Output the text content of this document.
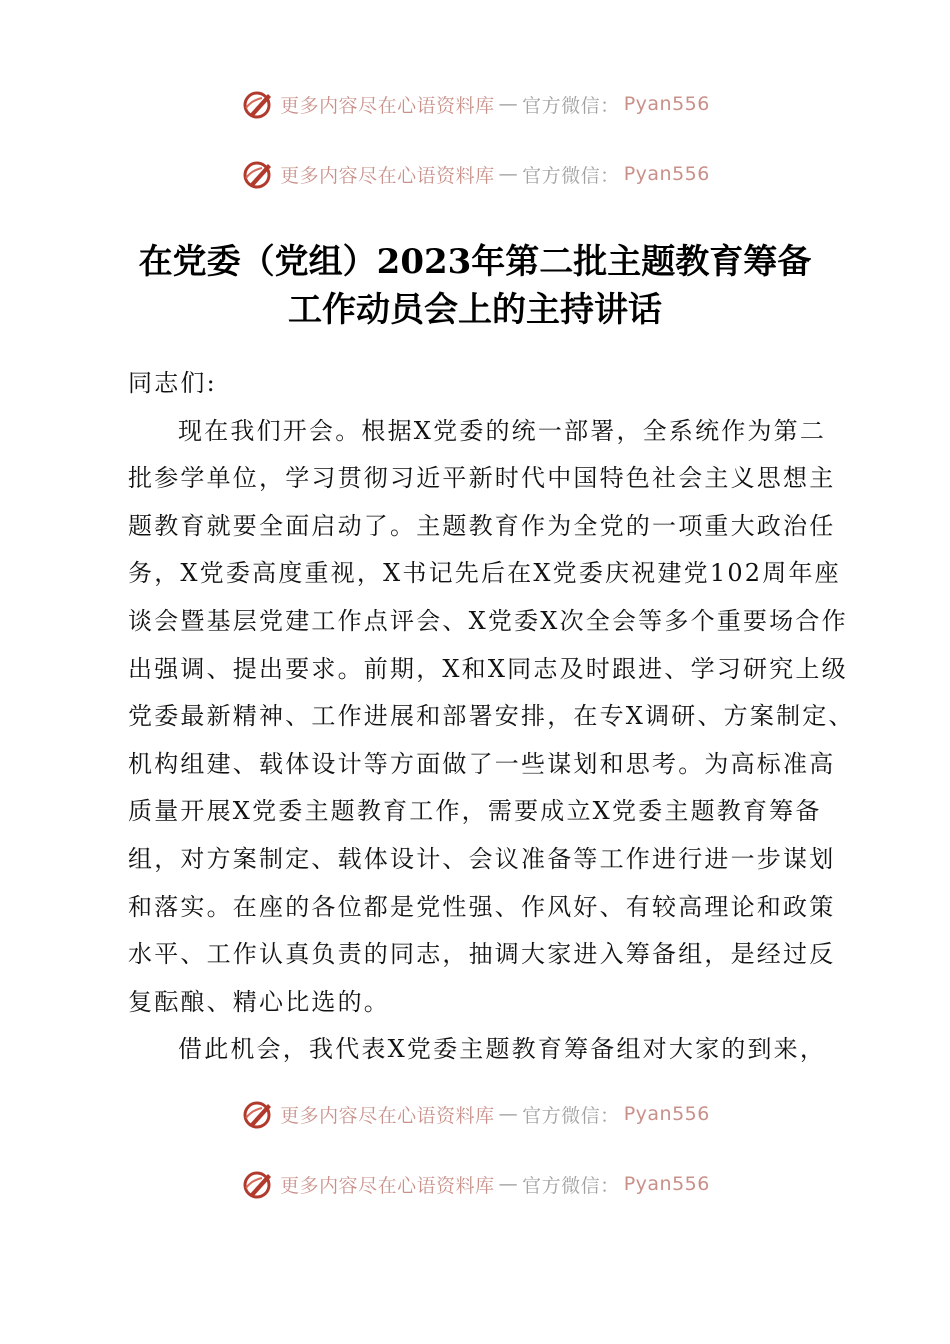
更多内容尽在心语资料库 — 官方微信： Pyan556
更多内容尽在心语资料库 — 官方微信： Pyan556
在党委（党组）2023年第二批主题教育筹备
工作动员会上的主持讲话
同志们:
现在我们开会。根据X党委的统一部署，全系统作为第二
批参学单位，学习贯彻习近平新时代中国特色社会主义思想主
题教育就要全面启动了。主题教育作为全党的一项重大政治任
务，X党委高度重视，X书记先后在X党委庆祝建党102周年座
谈会暨基层党建工作点评会、X党委X次全会等多个重要场合作
出强调、提出要求。前期，X和X同志及时跟进、学习研究上级
党委最新精神、工作进展和部署安排，在专X调研、方案制定、
机构组建、载体设计等方面做了一些谋划和思考。为高标准高
质量开展X党委主题教育工作，需要成立X党委主题教育筹备
组，对方案制定、载体设计、会议准备等工作进行进一步谋划
和落实。在座的各位都是党性强、作风好、有较高理论和政策
水平、工作认真负责的同志，抽调大家进入筹备组，是经过反
复酝酿、精心比选的。
借此机会，我代表X党委主题教育筹备组对大家的到来，
更多内容尽在心语资料库 — 官方微信： Pyan556
更多内容尽在心语资料库 — 官方微信： Pyan556
